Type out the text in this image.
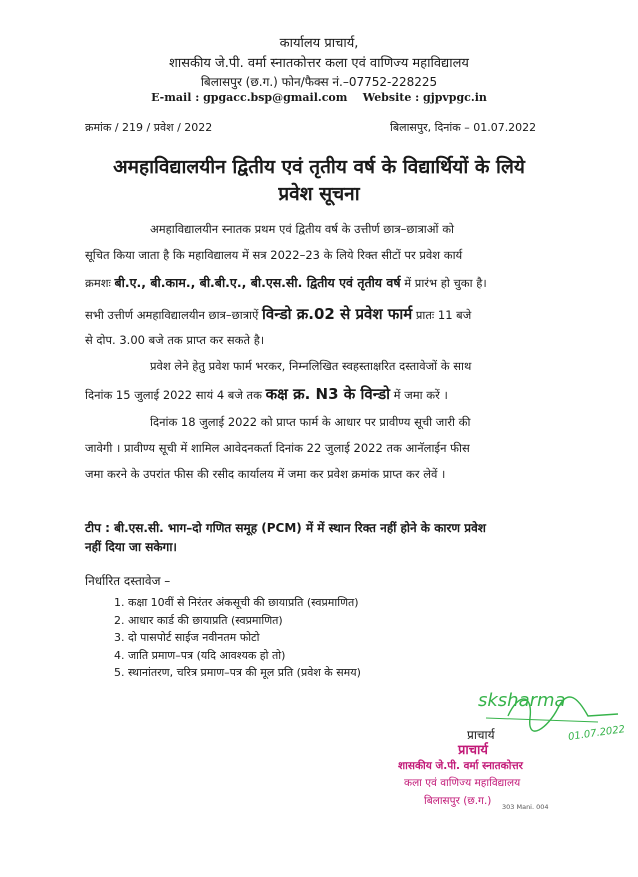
कार्यालय प्राचार्य,
शासकीय जे.पी. वर्मा स्नातकोत्तर कला एवं वाणिज्य महाविद्यालय
बिलासपुर (छ.ग.) फोन/फैक्स नं.–07752-228225
E-mail : gpgacc.bsp@gmail.com    Website : gjpvpgc.in
क्रमांक / 219 / प्रवेश / 2022	बिलासपुर, दिनांक – 01.07.2022
अमहाविद्यालयीन द्वितीय एवं तृतीय वर्ष के विद्यार्थियों के लिये
प्रवेश सूचना
अमहाविद्यालयीन स्नातक प्रथम एवं द्वितीय वर्ष के उत्तीर्ण छात्र–छात्राओं को
सूचित किया जाता है कि महाविद्यालय में सत्र 2022–23 के लिये रिक्त सीटों पर प्रवेश कार्य
क्रमशः बी.ए., बी.काम., बी.बी.ए., बी.एस.सी. द्वितीय एवं तृतीय वर्ष में प्रारंभ हो चुका है।
सभी उत्तीर्ण अमहाविद्यालयीन छात्र–छात्राऐं विन्डो क्र.02 से प्रवेश फार्म प्रातः 11 बजे
से दोप. 3.00 बजे तक प्राप्त कर सकते है।
प्रवेश लेने हेतु प्रवेश फार्म भरकर, निम्नलिखित स्वहस्ताक्षरित दस्तावेजों के साथ
दिनांक 15 जुलाई 2022 सायं 4 बजे तक कक्ष क्र. N3 के विन्डो में जमा करें ।
दिनांक 18 जुलाई 2022 को प्राप्त फार्म के आधार पर प्रावीण्य सूची जारी की
जावेगी । प्रावीण्य सूची में शामिल आवेदनकर्ता दिनांक 22 जुलाई 2022 तक आनॅलाईन फीस
जमा करने के उपरांत फीस की रसीद कार्यालय में जमा कर प्रवेश क्रमांक प्राप्त कर लेवें ।
टीप : बी.एस.सी. भाग–दो गणित समूह (PCM) में में स्थान रिक्त नहीं होने के कारण प्रवेश
नहीं दिया जा सकेगा।
निर्धारित दस्तावेज –
1. कक्षा 10वीं से निरंतर अंकसूची की छायाप्रति (स्वप्रमाणित)
2. आधार कार्ड की छायाप्रति (स्वप्रमाणित)
3. दो पासपोर्ट साईज नवीनतम फोटो
4. जाति प्रमाण–पत्र (यदि आवश्यक हो तो)
5. स्थानांतरण, चरित्र प्रमाण–पत्र की मूल प्रति (प्रवेश के समय)
sksharma
01.07.2022
प्राचार्य
प्राचार्य
शासकीय जे.पी. वर्मा स्नातकोत्तर
कला एवं वाणिज्य महाविद्यालय
बिलासपुर (छ.ग.) 303 Mani. 004
